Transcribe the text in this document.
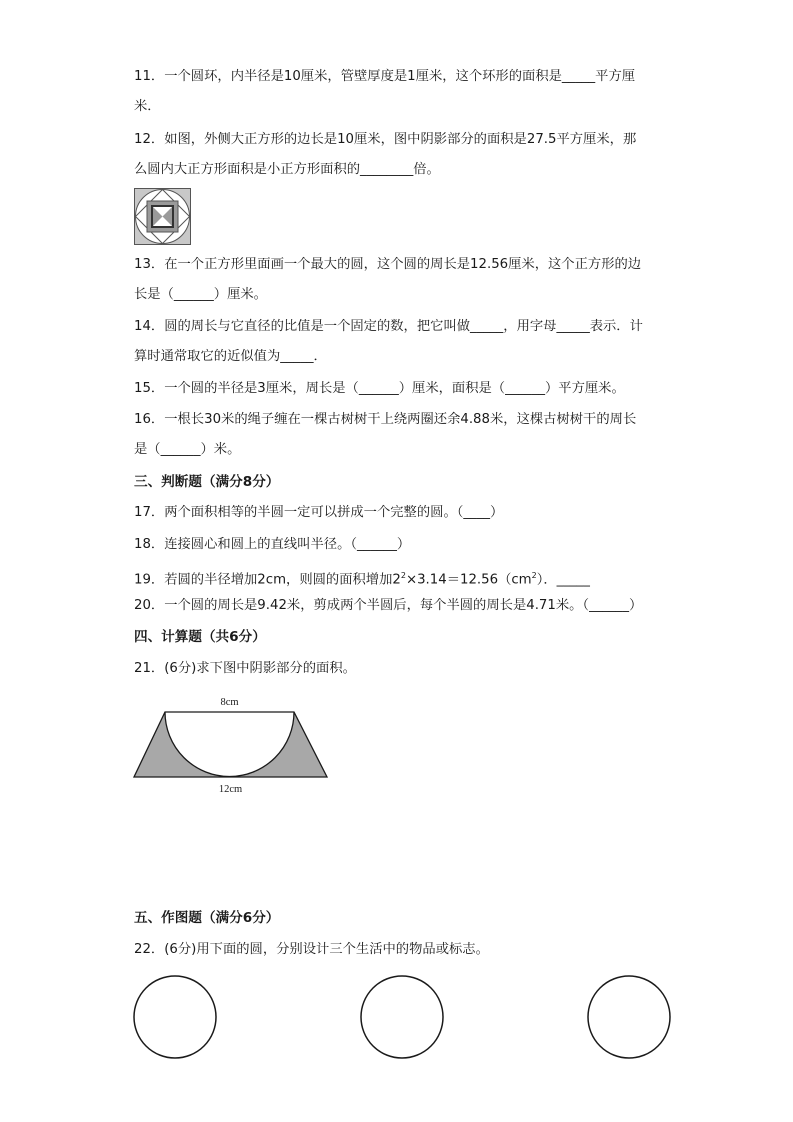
11．一个圆环，内半径是10厘米，管壁厚度是1厘米，这个环形的面积是_____平方厘
米．
12．如图，外侧大正方形的边长是10厘米，图中阴影部分的面积是27.5平方厘米，那
么圆内大正方形面积是小正方形面积的________倍。
13．在一个正方形里面画一个最大的圆，这个圆的周长是12.56厘米，这个正方形的边
长是（______）厘米。
14．圆的周长与它直径的比值是一个固定的数，把它叫做_____，用字母_____表示．计
算时通常取它的近似值为_____．
15．一个圆的半径是3厘米，周长是（______）厘米，面积是（______）平方厘米。
16．一根长30米的绳子缠在一棵古树树干上绕两圈还余4.88米，这棵古树树干的周长
是（______）米。
三、判断题（满分8分）
17．两个面积相等的半圆一定可以拼成一个完整的圆。（____）
18．连接圆心和圆上的直线叫半径。（______）
19．若圆的半径增加2cm，则圆的面积增加$2^2\times 3.14=12.56(cm^2)$．_____
20．一个圆的周长是9.42米，剪成两个半圆后，每个半圆的周长是4.71米。（______）
四、计算题（共6分）
21．(6分)求下图中阴影部分的面积。
8cm
12cm
五、作图题（满分6分）
22．(6分)用下面的圆，分别设计三个生活中的物品或标志。
